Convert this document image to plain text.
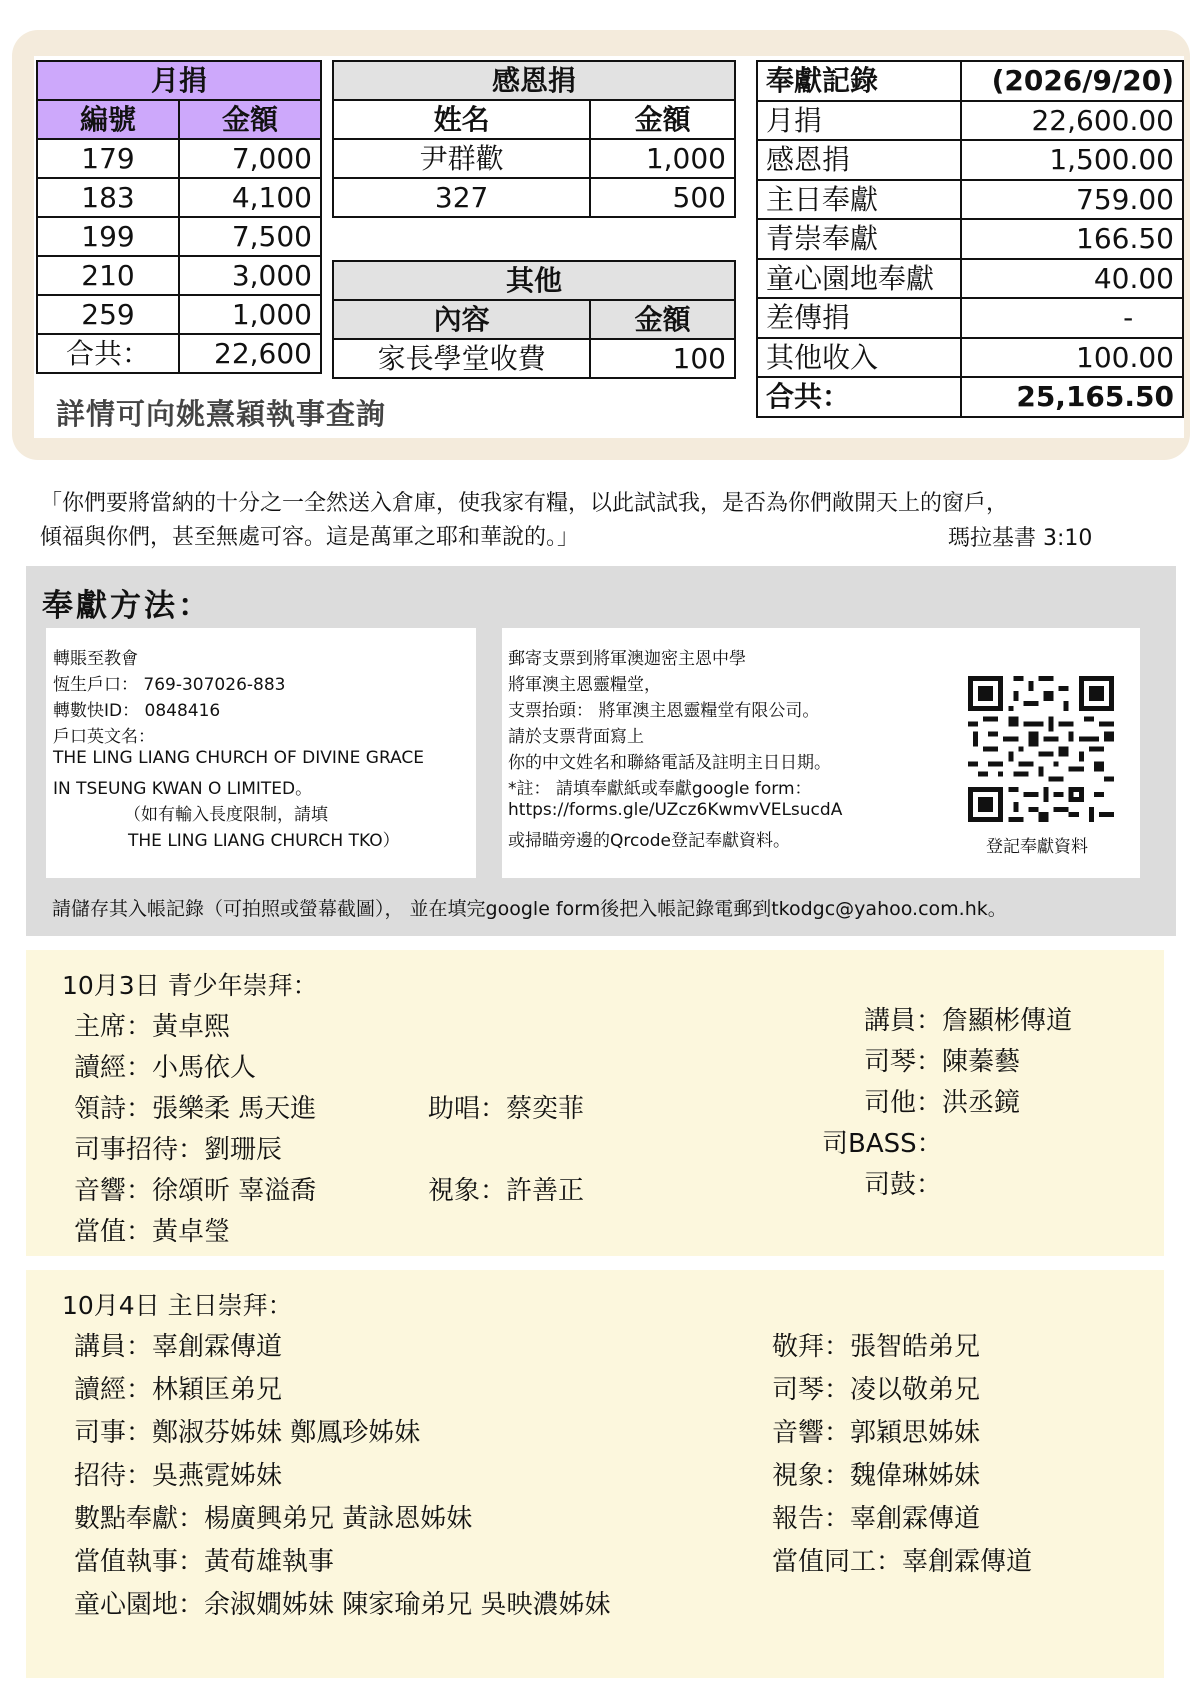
月捐	
編號	金額
179	7,000
183	4,100
199	7,500
210	3,000
259	1,000
合共：	22,600
感恩捐	
姓名	金額
尹群歡	1,000
327	500
其他	
內容	金額
家長學堂收費	100
奉獻記錄	(2026/9/20)
月捐	22,600.00
感恩捐	1,500.00
主日奉獻	759.00
青崇奉獻	166.50
童心園地奉獻	40.00
差傳捐	-
其他收入	100.00
合共：	25,165.50
詳情可向姚熹穎執事查詢
「你們要將當納的十分之一全然送入倉庫，使我家有糧，以此試試我，是否為你們敞開天上的窗戶，
傾福與你們，甚至無處可容。這是萬軍之耶和華說的。」	瑪拉基書 3:10
奉獻方法：
轉賬至教會
恆生戶口： 769-307026-883
轉數快ID： 0848416
戶口英文名：
THE LING LIANG CHURCH OF DIVINE GRACE
IN TSEUNG KWAN O LIMITED。
（如有輸入長度限制，請填
THE LING LIANG CHURCH TKO）
郵寄支票到將軍澳迦密主恩中學
將軍澳主恩靈糧堂，
支票抬頭： 將軍澳主恩靈糧堂有限公司。
請於支票背面寫上
你的中文姓名和聯絡電話及註明主日日期。
*註： 請填奉獻紙或奉獻google form：
https://forms.gle/UZcz6KwmvVELsucdA
或掃瞄旁邊的Qrcode登記奉獻資料。	登記奉獻資料
請儲存其入帳記錄（可拍照或螢幕截圖）， 並在填完google form後把入帳記錄電郵到tkodgc@yahoo.com.hk。
10月3日 青少年崇拜：
主席：黃卓熙
讀經：小馬依人
領詩：張樂柔 馬天進
司事招待：劉珊辰
音響：徐頌昕 辜溢喬
當值：黃卓瑩
助唱：蔡奕菲
視象：許善正
講員：詹顯彬傳道
司琴：陳蓁藝
司他：洪丞鏡
司BASS：
司鼓：
10月4日 主日崇拜：
講員：辜創霖傳道
讀經：林穎匡弟兄
司事：鄭淑芬姊妹 鄭鳳珍姊妹
招待：吳燕霓姊妹
數點奉獻：楊廣興弟兄 黃詠恩姊妹
當值執事：黃荀雄執事
童心園地：余淑嫺姊妹 陳家瑜弟兄 吳映濃姊妹
敬拜：張智皓弟兄
司琴：凌以敬弟兄
音響：郭穎思姊妹
視象：魏偉琳姊妹
報告：辜創霖傳道
當值同工：辜創霖傳道
